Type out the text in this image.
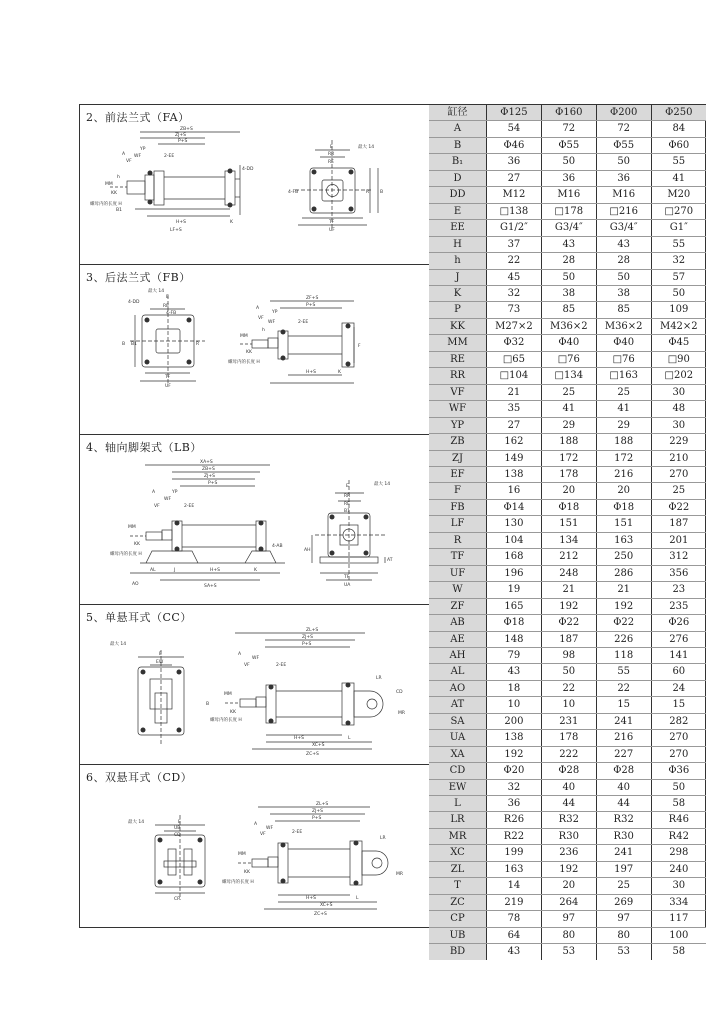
2、前法兰式（FA）
ZB+S
ZJ+S
P+S
A
YP
WF
VF
2-EE
MM
KK
h
4-DD
螺母内的长度 H
B1
H+S
LF+S
K
E	最大 14
RR
RE
4-FB	R B
TF
UF
3、后法兰式（FB）
最大 14
E
RE
4-DD
4-FB
B1
B	R
TF
UF
ZF+S
P+S
A
YP
VF
WF	2-EE
MM
KK
h
螺母内的长度 H
H+S	K
F
4、轴向脚架式（LB）
XA+S
ZB+S
ZJ+S
P+S
A	YP
WF
VF	2-EE
MM
KK
螺母内的长度 H
4-AB
AL	J	H+S	K
SA+S
AO
E	最大 14
RR
RE
B1
TF
UA
AH
AT
5、单悬耳式（CC）
最大 14
E
EW
ZL+S
ZJ+S
P+S
A
WF
VF	2-EE
MM
KK
B
螺母内的长度 H
H+S
XC+S
ZC+S
LR
CD
MR
L
6、双悬耳式（CD）
最大 14	E
UB
CD
CP
ZL+S
ZJ+S
P+S
A
WF
VF	2-EE
MM
KK
螺母内的长度 H
H+S
XC+S
ZC+S
LR
MR
L
缸径	Φ125	Φ160	Φ200	Φ250
A	54	72	72	84
B	Φ46	Φ55	Φ55	Φ60
B₁	36	50	50	55
D	27	36	36	41
DD	M12	M16	M16	M20
E	□138	□178	□216	□270
EE	G1/2″	G3/4″	G3/4″	G1″
H	37	43	43	55
h	22	28	28	32
J	45	50	50	57
K	32	38	38	50
P	73	85	85	109
KK	M27×2	M36×2	M36×2	M42×2
MM	Φ32	Φ40	Φ40	Φ45
RE	□65	□76	□76	□90
RR	□104	□134	□163	□202
VF	21	25	25	30
WF	35	41	41	48
YP	27	29	29	30
ZB	162	188	188	229
ZJ	149	172	172	210
EF	138	178	216	270
F	16	20	20	25
FB	Φ14	Φ18	Φ18	Φ22
LF	130	151	151	187
R	104	134	163	201
TF	168	212	250	312
UF	196	248	286	356
W	19	21	21	23
ZF	165	192	192	235
AB	Φ18	Φ22	Φ22	Φ26
AE	148	187	226	276
AH	79	98	118	141
AL	43	50	55	60
AO	18	22	22	24
AT	10	10	15	15
SA	200	231	241	282
UA	138	178	216	270
XA	192	222	227	270
CD	Φ20	Φ28	Φ28	Φ36
EW	32	40	40	50
L	36	44	44	58
LR	R26	R32	R32	R46
MR	R22	R30	R30	R42
XC	199	236	241	298
ZL	163	192	197	240
T	14	20	25	30
ZC	219	264	269	334
CP	78	97	97	117
UB	64	80	80	100
BD	43	53	53	58
